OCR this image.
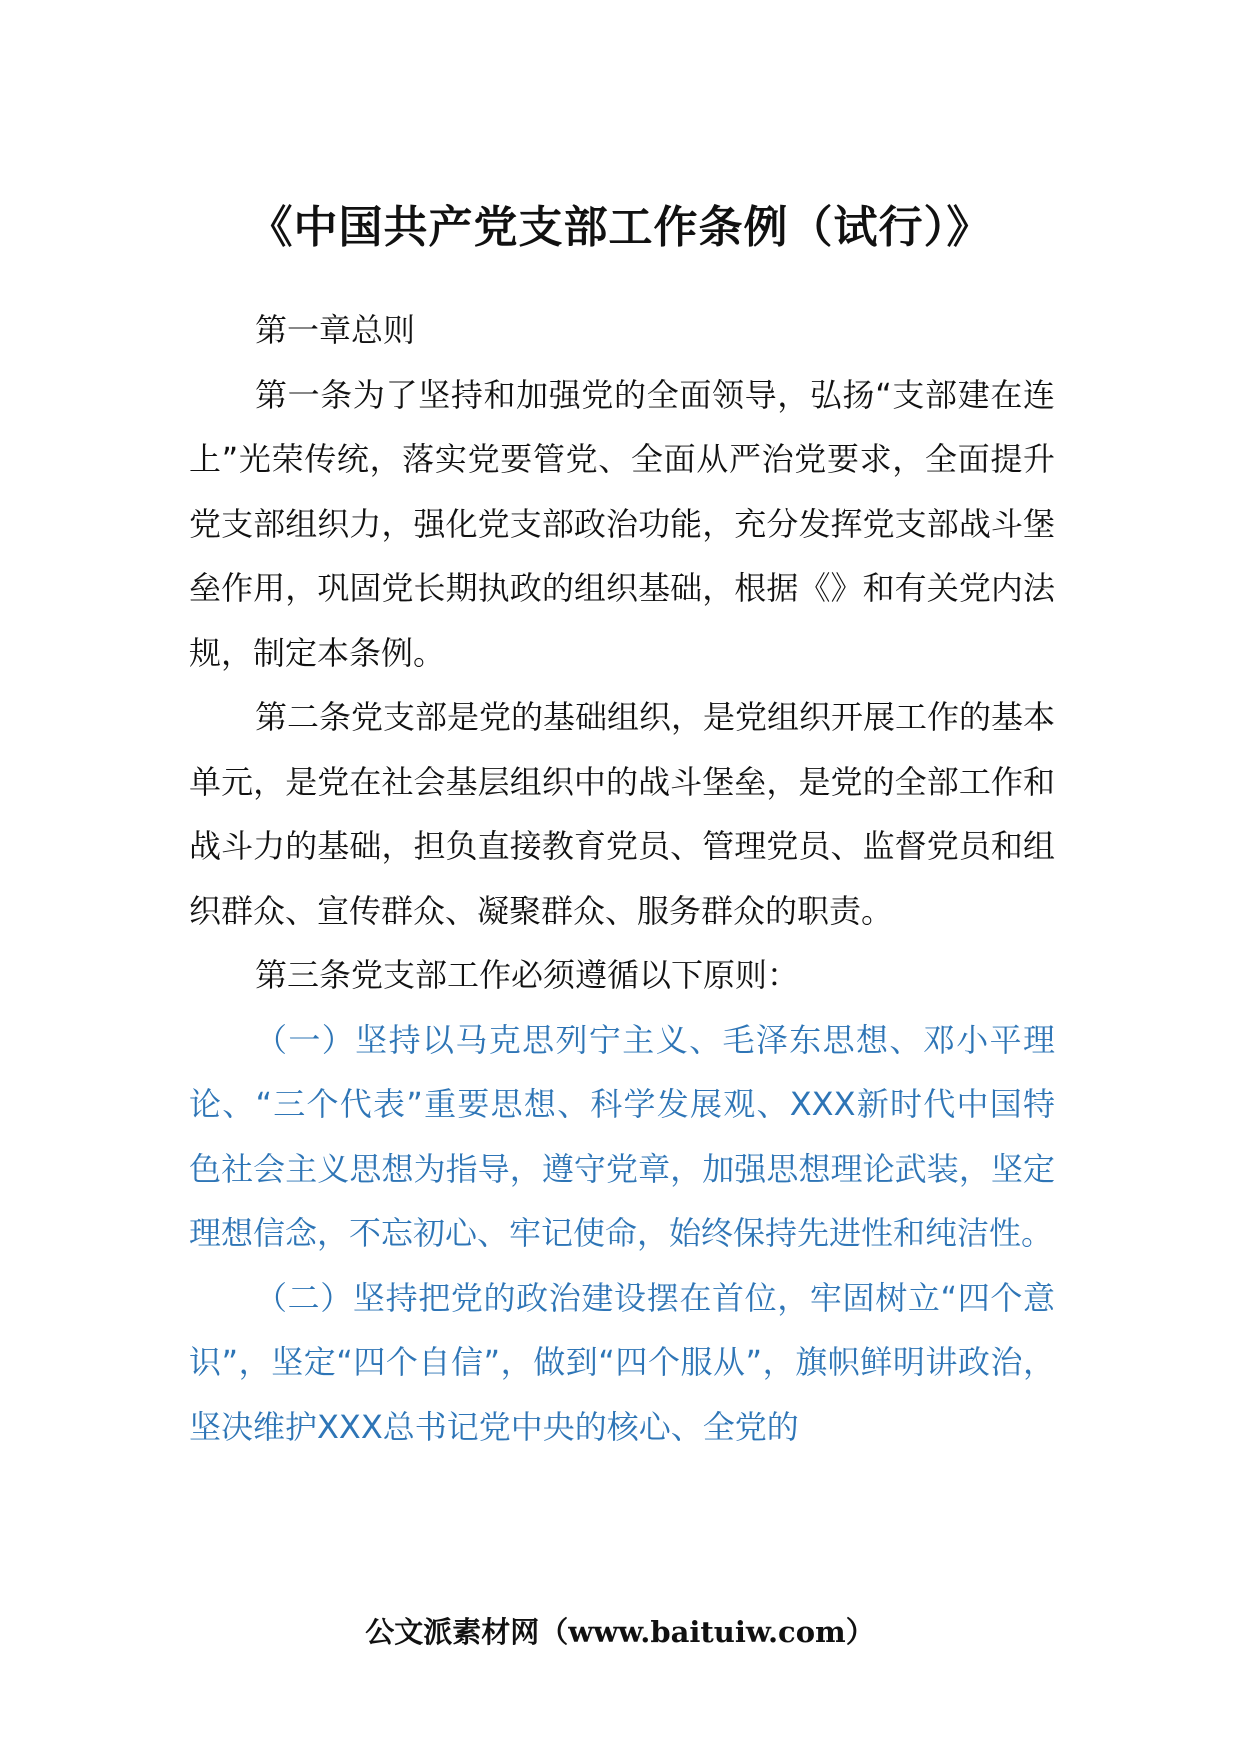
《中国共产党支部工作条例（试行）》

第一章总则

第一条为了坚持和加强党的全面领导，弘扬“支部建在连上”光荣传统，落实党要管党、全面从严治党要求，全面提升党支部组织力，强化党支部政治功能，充分发挥党支部战斗堡垒作用，巩固党长期执政的组织基础，根据《》和有关党内法规，制定本条例。

第二条党支部是党的基础组织，是党组织开展工作的基本单元，是党在社会基层组织中的战斗堡垒，是党的全部工作和战斗力的基础，担负直接教育党员、管理党员、监督党员和组织群众、宣传群众、凝聚群众、服务群众的职责。

第三条党支部工作必须遵循以下原则：

（一）坚持以马克思列宁主义、毛泽东思想、邓小平理论、“三个代表”重要思想、科学发展观、XXX新时代中国特色社会主义思想为指导，遵守党章，加强思想理论武装，坚定理想信念，不忘初心、牢记使命，始终保持先进性和纯洁性。

（二）坚持把党的政治建设摆在首位，牢固树立“四个意识”，坚定“四个自信”，做到“四个服从”，旗帜鲜明讲政治，坚决维护XXX总书记党中央的核心、全党的

公文派素材网（www.baituiw.com）
